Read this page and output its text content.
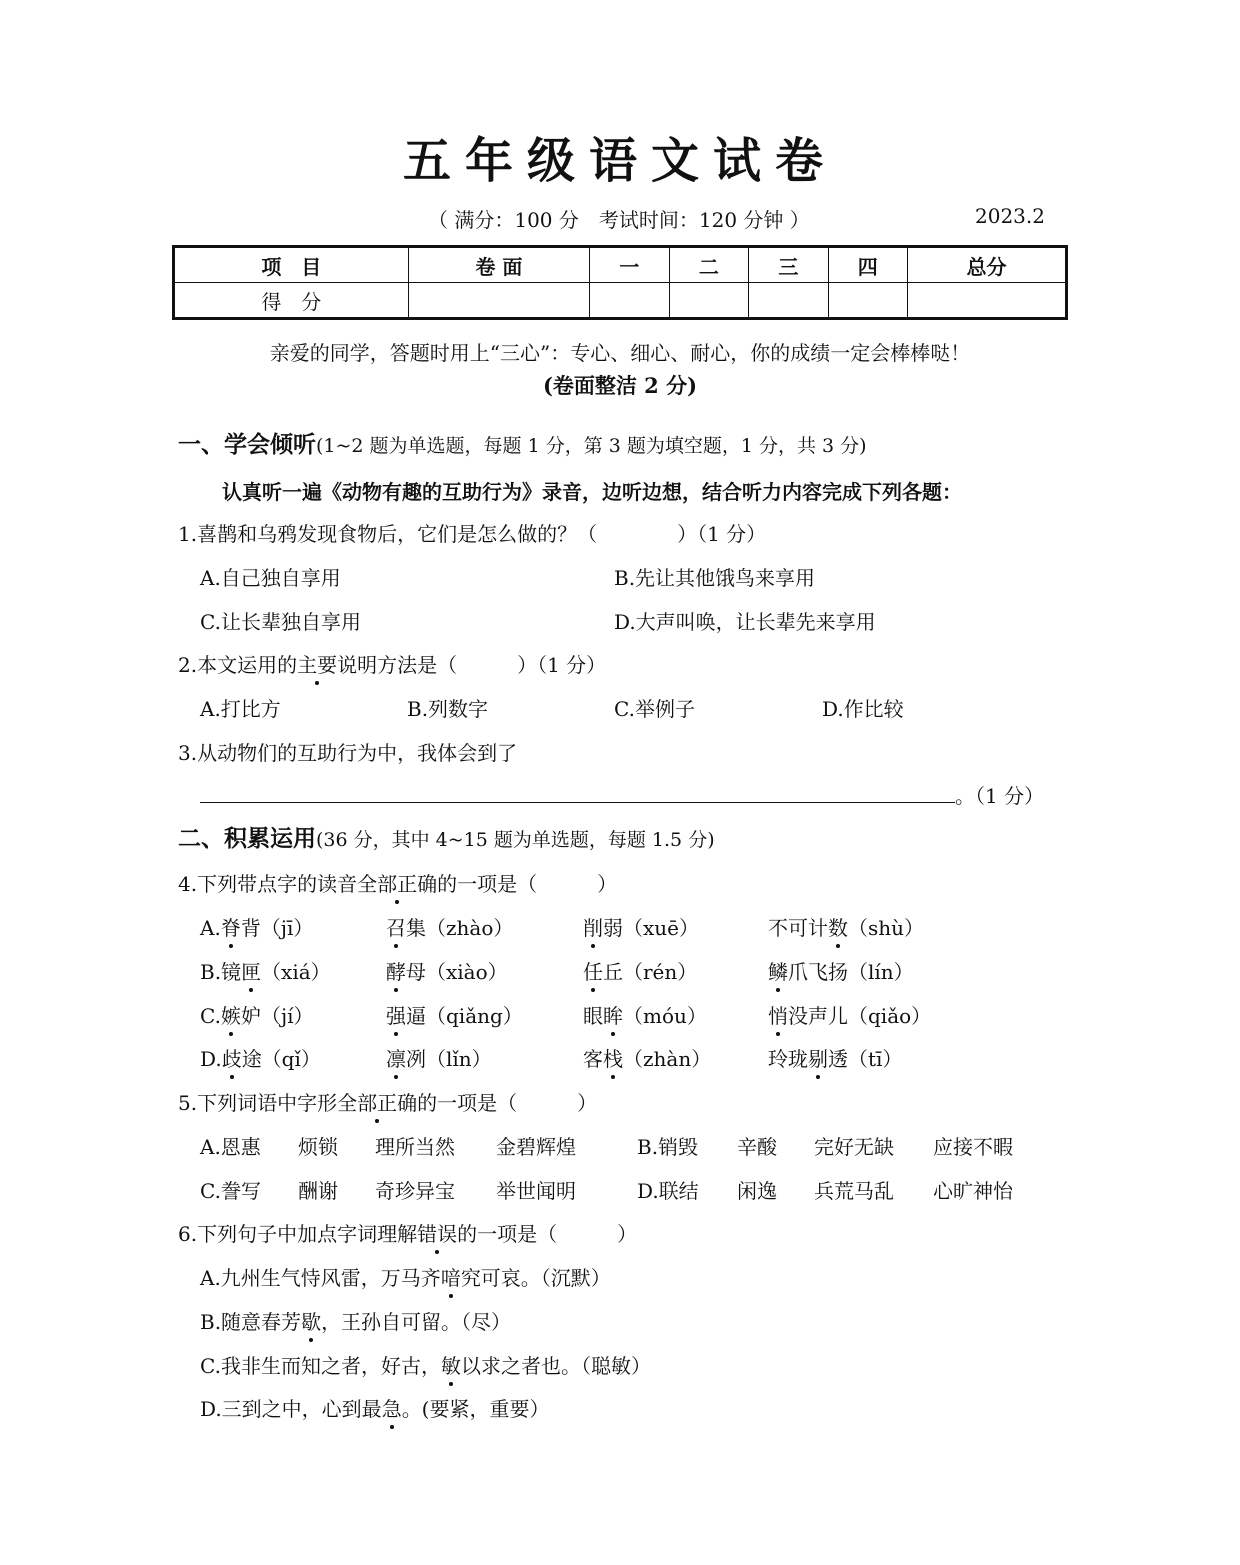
五年级语文试卷
（ 满分：100 分　考试时间：120 分钟 ）	2023.2
项　目	卷 面	一	二	三	四	总分
得　分						
亲爱的同学，答题时用上“三心”：专心、细心、耐心，你的成绩一定会棒棒哒！
(卷面整洁 2 分)
一、学会倾听(1~2 题为单选题，每题 1 分，第 3 题为填空题，1 分，共 3 分)
认真听一遍《动物有趣的互助行为》录音，边听边想，结合听力内容完成下列各题：
1.喜鹊和乌鸦发现食物后，它们是怎么做的？（　　　　）（1 分）
A.自己独自享用	B.先让其他饿鸟来享用
C.让长辈独自享用	D.大声叫唤，让长辈先来享用
2.本文运用的主要说明方法是（　　　）（1 分）
A.打比方	B.列数字	C.举例子	D.作比较
3.从动物们的互助行为中，我体会到了
。（1 分）
二、积累运用(36 分，其中 4~15 题为单选题，每题 1.5 分)
4.下列带点字的读音全部正确的一项是（　　　）
A.脊背（jī）	召集（zhào）	削弱（xuē）	不可计数（shù）
B.镜匣（xiá）	酵母（xiào）	任丘（rén）	鳞爪飞扬（lín）
C.嫉妒（jí）	强逼（qiǎng）	眼眸（móu）	悄没声儿（qiǎo）
D.歧途（qǐ）	凛冽（lǐn）	客栈（zhàn）	玲珑剔透（tī）
5.下列词语中字形全部正确的一项是（　　　）
A.恩惠 烦锁 理所当然 金碧辉煌	B.销毁 辛酸 完好无缺 应接不暇
C.誊写 酬谢 奇珍异宝 举世闻明	D.联结 闲逸 兵荒马乱 心旷神怡
6.下列句子中加点字词理解错误的一项是（　　　）
A.九州生气恃风雷，万马齐喑究可哀。（沉默）
B.随意春芳歇，王孙自可留。（尽）
C.我非生而知之者，好古，敏以求之者也。（聪敏）
D.三到之中，心到最急。(要紧，重要）
